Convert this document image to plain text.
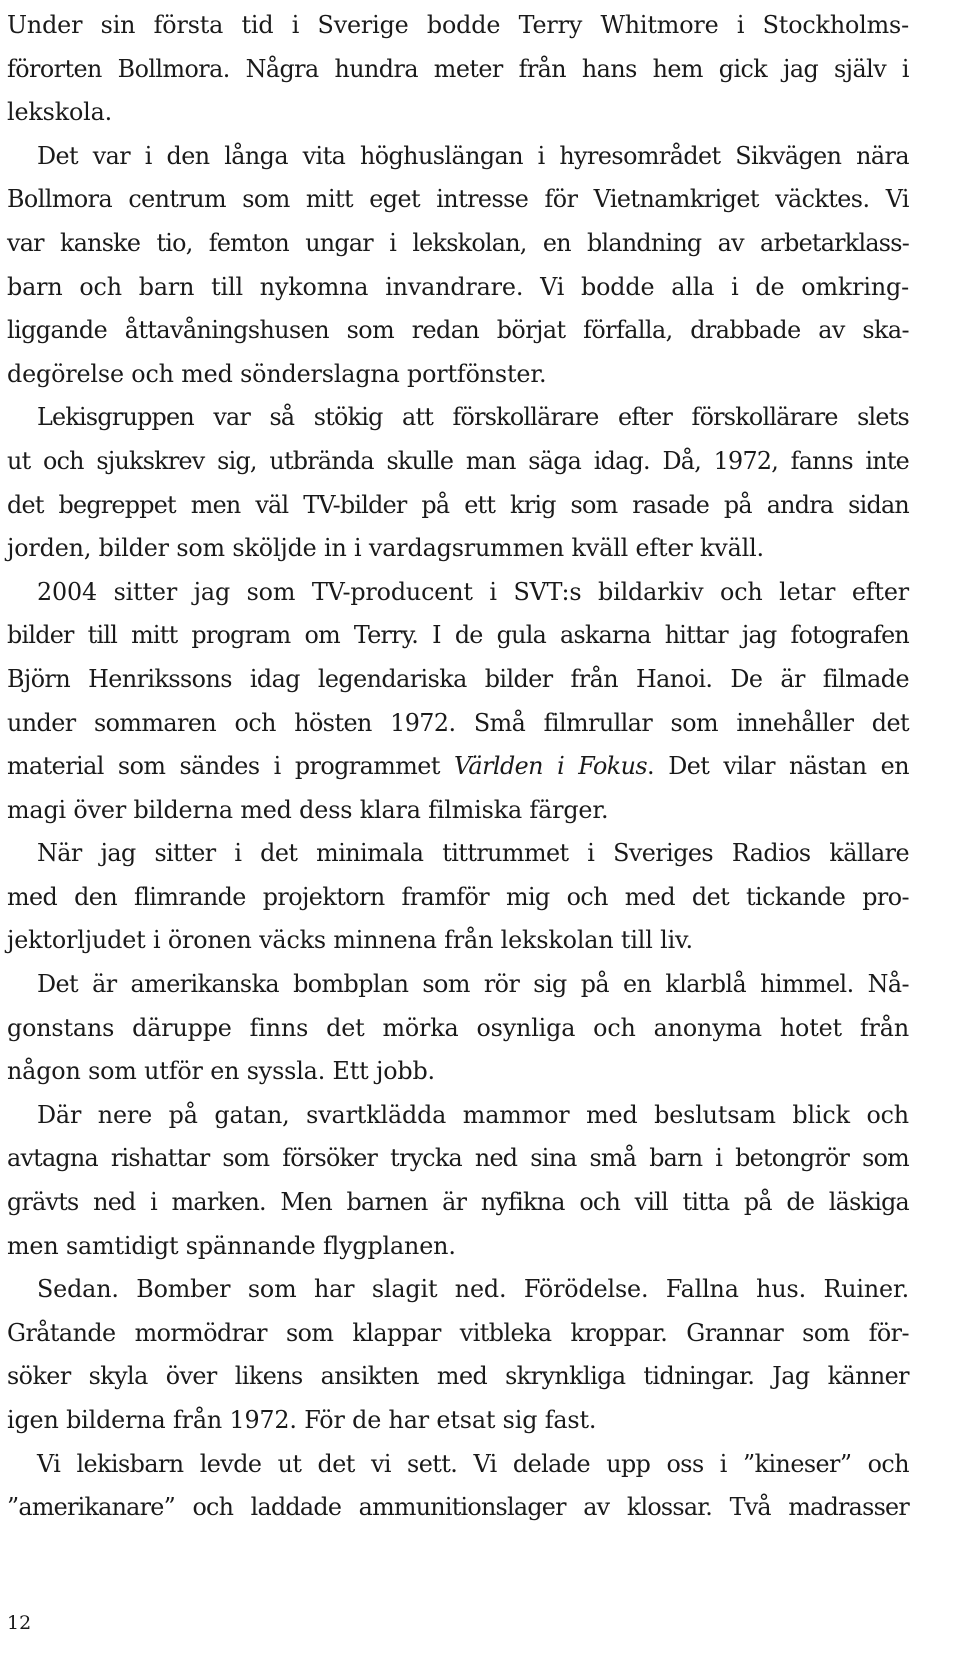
Under sin första tid i Sverige bodde Terry Whitmore i Stockholms-
förorten Bollmora. Några hundra meter från hans hem gick jag själv i
lekskola.
Det var i den långa vita höghuslängan i hyresområdet Sikvägen nära
Bollmora centrum som mitt eget intresse för Vietnamkriget väcktes. Vi
var kanske tio, femton ungar i lekskolan, en blandning av arbetarklass-
barn och barn till nykomna invandrare. Vi bodde alla i de omkring-
liggande åttavåningshusen som redan börjat förfalla, drabbade av ska-
degörelse och med sönderslagna portfönster.
Lekisgruppen var så stökig att förskollärare efter förskollärare slets
ut och sjukskrev sig, utbrända skulle man säga idag. Då, 1972, fanns inte
det begreppet men väl TV-bilder på ett krig som rasade på andra sidan
jorden, bilder som sköljde in i vardagsrummen kväll efter kväll.
2004 sitter jag som TV-producent i SVT:s bildarkiv och letar efter
bilder till mitt program om Terry. I de gula askarna hittar jag fotografen
Björn Henrikssons idag legendariska bilder från Hanoi. De är filmade
under sommaren och hösten 1972. Små filmrullar som innehåller det
material som sändes i programmet Världen i Fokus. Det vilar nästan en
magi över bilderna med dess klara filmiska färger.
När jag sitter i det minimala tittrummet i Sveriges Radios källare
med den flimrande projektorn framför mig och med det tickande pro-
jektorljudet i öronen väcks minnena från lekskolan till liv.
Det är amerikanska bombplan som rör sig på en klarblå himmel. Nå-
gonstans däruppe finns det mörka osynliga och anonyma hotet från
någon som utför en syssla. Ett jobb.
Där nere på gatan, svartklädda mammor med beslutsam blick och
avtagna rishattar som försöker trycka ned sina små barn i betongrör som
grävts ned i marken. Men barnen är nyfikna och vill titta på de läskiga
men samtidigt spännande flygplanen.
Sedan. Bomber som har slagit ned. Förödelse. Fallna hus. Ruiner.
Gråtande mormödrar som klappar vitbleka kroppar. Grannar som för-
söker skyla över likens ansikten med skrynkliga tidningar. Jag känner
igen bilderna från 1972. För de har etsat sig fast.
Vi lekisbarn levde ut det vi sett. Vi delade upp oss i ”kineser” och
”amerikanare” och laddade ammunitionslager av klossar. Två madrasser
12
